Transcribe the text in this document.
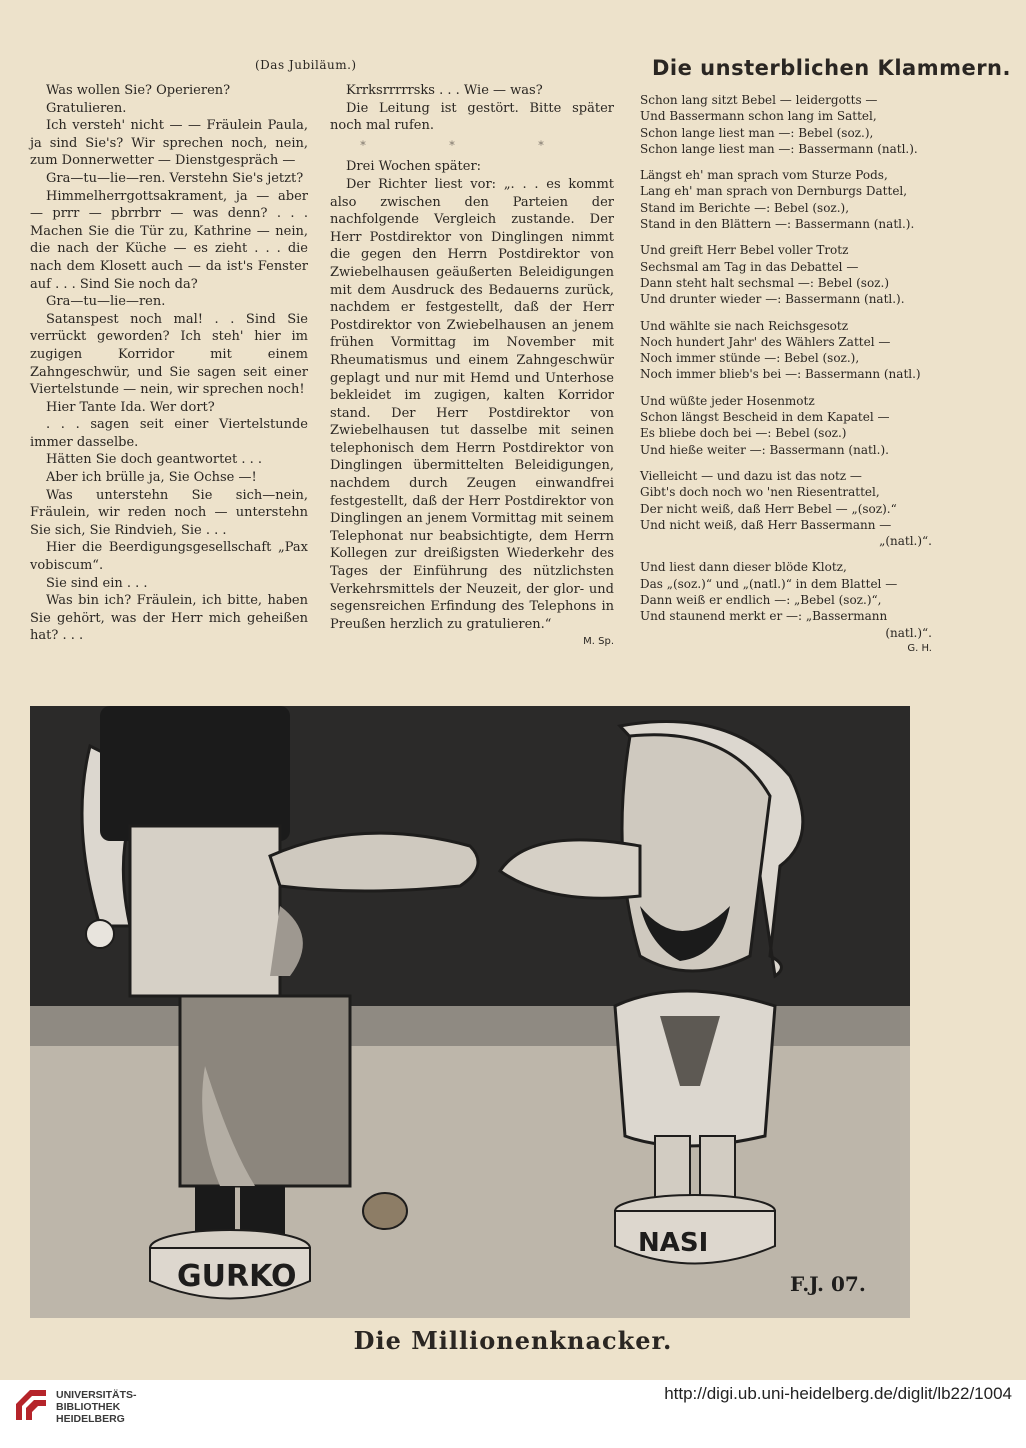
(Das Jubiläum.)	Die unsterblichen Klammern.

Was wollen Sie? Operieren?

Gratulieren.

Ich versteh' nicht — — Fräulein Paula, ja sind Sie's? Wir sprechen noch, nein, zum Donnerwetter — Dienstgespräch —

Gra—tu—lie—ren. Verstehn Sie's jetzt?

Himmelherrgottsakrament, ja — aber — prrr — pbrrbrr — was denn? . . . Machen Sie die Tür zu, Kathrine — nein, die nach der Küche — es zieht . . . die nach dem Klosett auch — da ist's Fenster auf . . . Sind Sie noch da?

Gra—tu—lie—ren.

Satanspest noch mal! . . Sind Sie verrückt geworden? Ich steh' hier im zugigen Korridor mit einem Zahngeschwür, und Sie sagen seit einer Viertelstunde — nein, wir sprechen noch!

Hier Tante Ida. Wer dort?

. . . sagen seit einer Viertelstunde immer dasselbe.

Hätten Sie doch geantwortet . . .

Aber ich brülle ja, Sie Ochse —!

Was unterstehn Sie sich—nein, Fräulein, wir reden noch — unterstehn Sie sich, Sie Rindvieh, Sie . . .

Hier die Beerdigungsgesellschaft „Pax vobiscum“.

Sie sind ein . . .

Was bin ich? Fräulein, ich bitte, haben Sie gehört, was der Herr mich geheißen hat? . . .

Krrksrrrrrsks . . . Wie — was?

Die Leitung ist gestört. Bitte später noch mal rufen.

* * *

Drei Wochen später:

Der Richter liest vor: „. . . es kommt also zwischen den Parteien der nachfolgende Vergleich zustande. Der Herr Postdirektor von Dinglingen nimmt die gegen den Herrn Postdirektor von Zwiebelhausen geäußerten Beleidigungen mit dem Ausdruck des Bedauerns zurück, nachdem er festgestellt, daß der Herr Postdirektor von Zwiebelhausen an jenem frühen Vormittag im November mit Rheumatismus und einem Zahngeschwür geplagt und nur mit Hemd und Unterhose bekleidet im zugigen, kalten Korridor stand. Der Herr Postdirektor von Zwiebelhausen tut dasselbe mit seinen telephonisch dem Herrn Postdirektor von Dinglingen übermittelten Beleidigungen, nachdem durch Zeugen einwandfrei festgestellt, daß der Herr Postdirektor von Dinglingen an jenem Vormittag mit seinem Telephonat nur beabsichtigte, dem Herrn Kollegen zur dreißigsten Wiederkehr des Tages der Einführung des nützlichsten Verkehrsmittels der Neuzeit, der glor- und segensreichen Erfindung des Telephons in Preußen herzlich zu gratulieren.“

M. Sp.
Schon lang sitzt Bebel — leidergotts —
Und Bassermann schon lang im Sattel,
Schon lange liest man —: Bebel (soz.),
Schon lange liest man —: Bassermann (natl.).
Längst eh' man sprach vom Sturze Pods,
Lang eh' man sprach von Dernburgs Dattel,
Stand im Berichte —: Bebel (soz.),
Stand in den Blättern —: Bassermann (natl.).
Und greift Herr Bebel voller Trotz
Sechsmal am Tag in das Debattel —
Dann steht halt sechsmal —: Bebel (soz.)
Und drunter wieder —: Bassermann (natl.).
Und wählte sie nach Reichsgesotz
Noch hundert Jahr' des Wählers Zattel —
Noch immer stünde —: Bebel (soz.),
Noch immer blieb's bei —: Bassermann (natl.)
Und wüßte jeder Hosenmotz
Schon längst Bescheid in dem Kapatel —
Es bliebe doch bei —: Bebel (soz.)
Und hieße weiter —: Bassermann (natl.).
Vielleicht — und dazu ist das notz —
Gibt's doch noch wo 'nen Riesentrattel,
Der nicht weiß, daß Herr Bebel — „(soz).“
Und nicht weiß, daß Herr Bassermann —
„(natl.)“.
Und liest dann dieser blöde Klotz,
Das „(soz.)“ und „(natl.)“ in dem Blattel —
Dann weiß er endlich —: „Bebel (soz.)“,
Und staunend merkt er —: „Bassermann
(natl.)“.
G. H.
GURKO
NASI
F.J. 07.
Die Millionenknacker.
UNIVERSITÄTS-
BIBLIOTHEK
HEIDELBERG
http://digi.ub.uni-heidelberg.de/diglit/lb22/1004
